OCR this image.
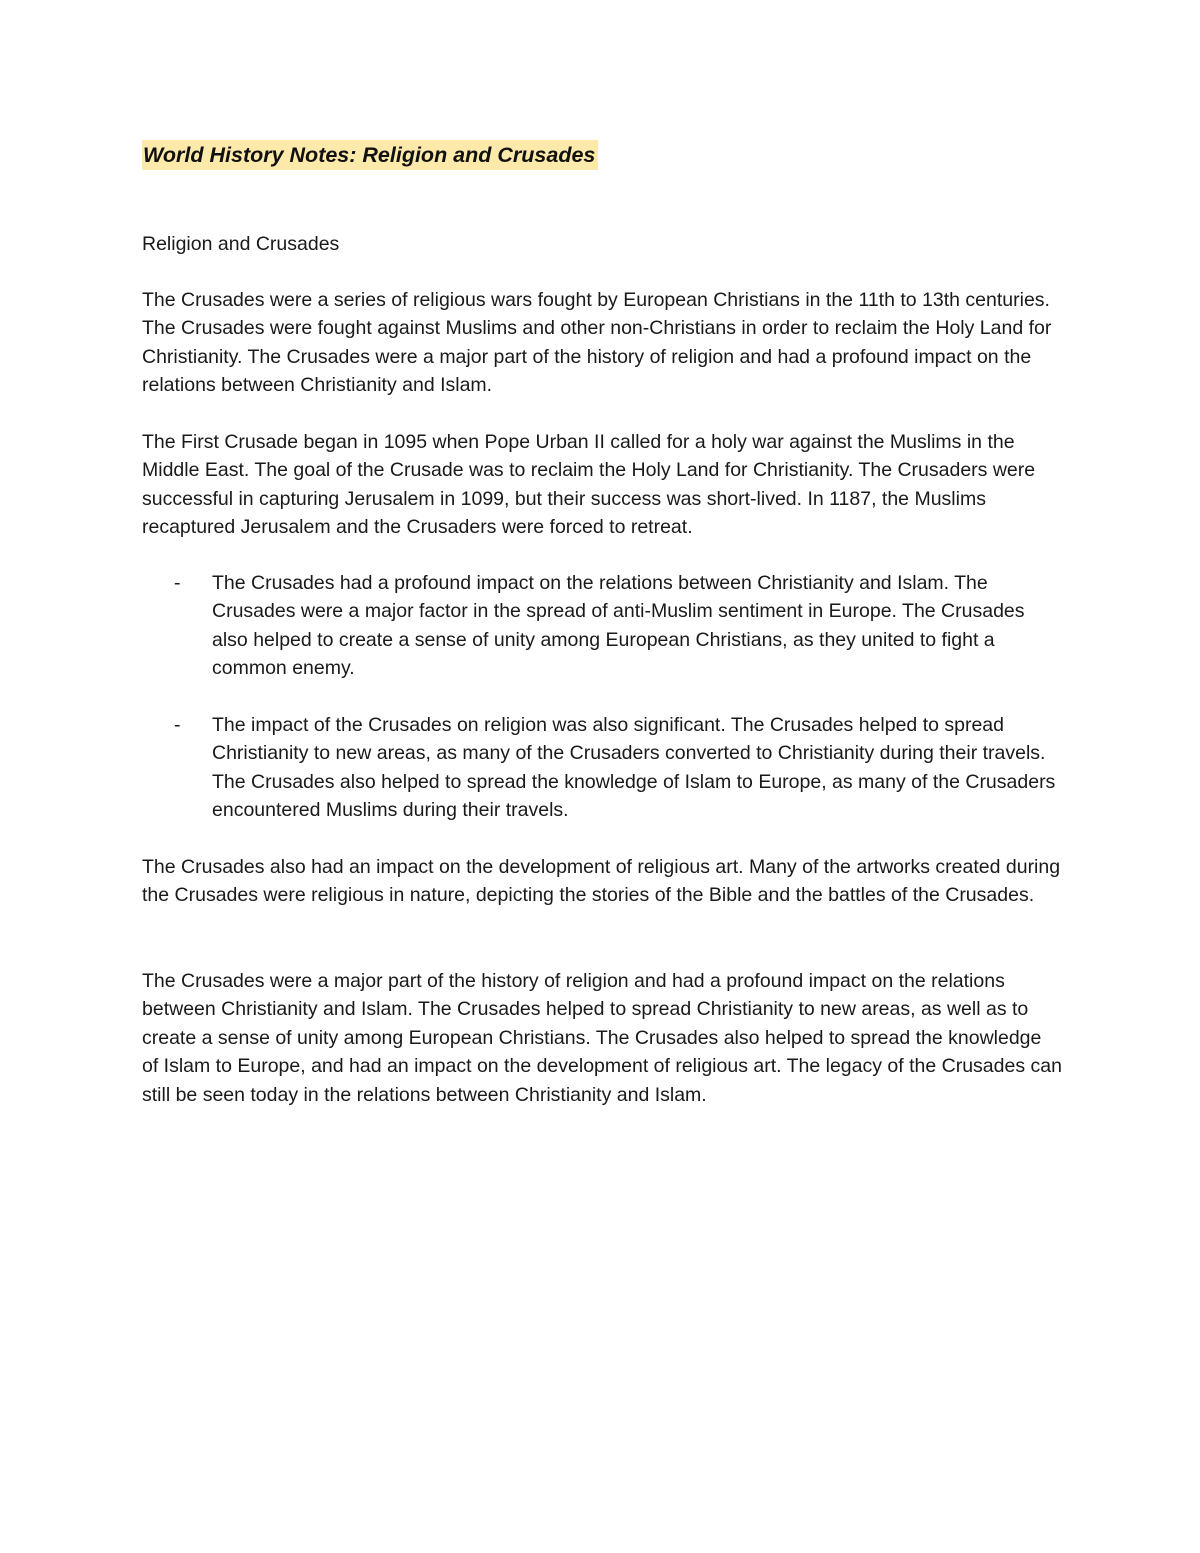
World History Notes: Religion and Crusades

Religion and Crusades

The Crusades were a series of religious wars fought by European Christians in the 11th to 13th centuries. The Crusades were fought against Muslims and other non-Christians in order to reclaim the Holy Land for Christianity. The Crusades were a major part of the history of religion and had a profound impact on the relations between Christianity and Islam.

The First Crusade began in 1095 when Pope Urban II called for a holy war against the Muslims in the Middle East. The goal of the Crusade was to reclaim the Holy Land for Christianity. The Crusaders were successful in capturing Jerusalem in 1099, but their success was short-lived. In 1187, the Muslims recaptured Jerusalem and the Crusaders were forced to retreat.

- The Crusades had a profound impact on the relations between Christianity and Islam. The Crusades were a major factor in the spread of anti-Muslim sentiment in Europe. The Crusades also helped to create a sense of unity among European Christians, as they united to fight a common enemy.
- The impact of the Crusades on religion was also significant. The Crusades helped to spread Christianity to new areas, as many of the Crusaders converted to Christianity during their travels. The Crusades also helped to spread the knowledge of Islam to Europe, as many of the Crusaders encountered Muslims during their travels.

The Crusades also had an impact on the development of religious art. Many of the artworks created during the Crusades were religious in nature, depicting the stories of the Bible and the battles of the Crusades.

The Crusades were a major part of the history of religion and had a profound impact on the relations between Christianity and Islam. The Crusades helped to spread Christianity to new areas, as well as to create a sense of unity among European Christians. The Crusades also helped to spread the knowledge of Islam to Europe, and had an impact on the development of religious art. The legacy of the Crusades can still be seen today in the relations between Christianity and Islam.
